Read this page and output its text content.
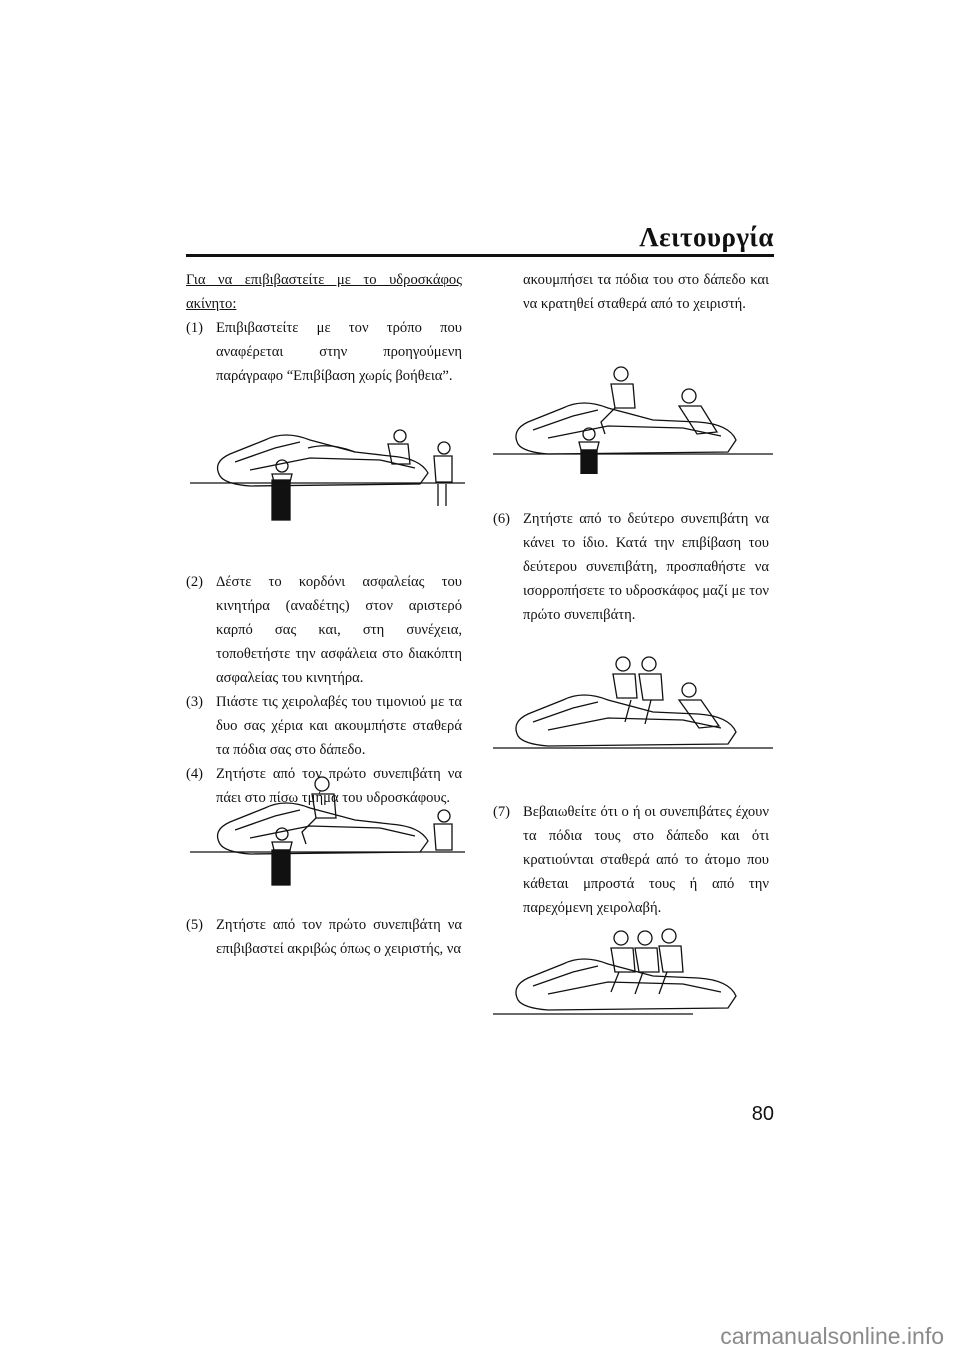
Λειτουργία

Για να επιβιβαστείτε με το υδροσκάφος ακίνητο:

(1) Επιβιβαστείτε με τον τρόπο που αναφέρεται στην προηγούμενη παράγραφο “Επιβίβαση χωρίς βοήθεια”.

(2) Δέστε το κορδόνι ασφαλείας του κινητήρα (αναδέτης) στον αριστερό καρπό σας και, στη συνέχεια, τοποθετήστε την ασφάλεια στο διακόπτη ασφαλείας του κινητήρα.

(3) Πιάστε τις χειρολαβές του τιμονιού με τα δυο σας χέρια και ακουμπήστε σταθερά τα πόδια σας στο δάπεδο.

(4) Ζητήστε από τον πρώτο συνεπιβάτη να πάει στο πίσω τμήμα του υδροσκάφους.

(5) Ζητήστε από τον πρώτο συνεπιβάτη να επιβιβαστεί ακριβώς όπως ο χειριστής, να

ακουμπήσει τα πόδια του στο δάπεδο και να κρατηθεί σταθερά από το χειριστή.

(6) Ζητήστε από το δεύτερο συνεπιβάτη να κάνει το ίδιο. Κατά την επιβίβαση του δεύτερου συνεπιβάτη, προσπαθήστε να ισορροπήσετε το υδροσκάφος μαζί με τον πρώτο συνεπιβάτη.

(7) Βεβαιωθείτε ότι ο ή οι συνεπιβάτες έχουν τα πόδια τους στο δάπεδο και ότι κρατιούνται σταθερά από το άτομο που κάθεται μπροστά τους ή από την παρεχόμενη χειρολαβή.

80
carmanualsonline.info
